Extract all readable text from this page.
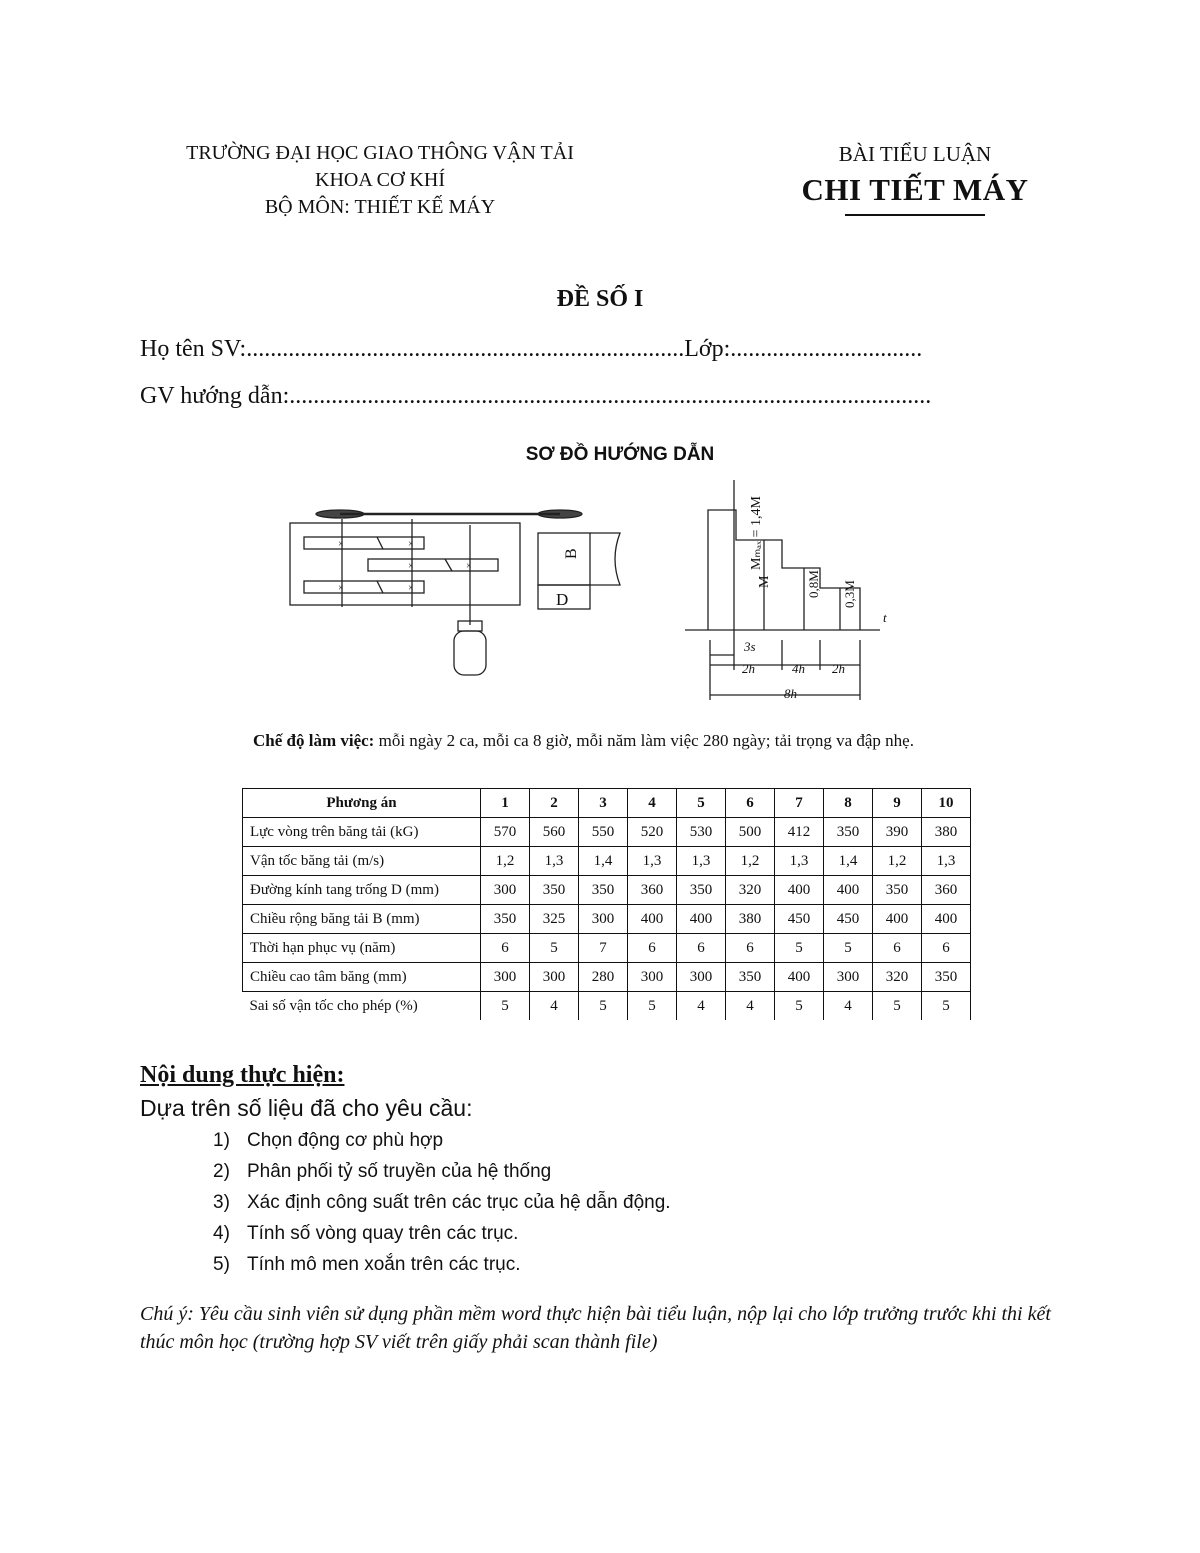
TRƯỜNG ĐẠI HỌC GIAO THÔNG VẬN TẢI
KHOA CƠ KHÍ
BỘ MÔN: THIẾT KẾ MÁY
BÀI TIỂU LUẬN
CHI TIẾT MÁY
ĐỀ SỐ I
Họ tên SV:.........................................................................Lớp:................................
GV hướng dẫn:...........................................................................................................
SƠ ĐỒ HƯỚNG DẪN
×	×
×	×
×	×
B
D
Mₘₐₓ = 1,4M
M	0,8M 0,3M
t
3s
2h	4h 2h
8h
Chế độ làm việc: mỗi ngày 2 ca, mỗi ca 8 giờ, mỗi năm làm việc 280 ngày; tải trọng va đập nhẹ.
Phương án	1	2	3	4	5	6	7	8	9	10
Lực vòng trên băng tải (kG)	570	560	550	520	530	500	412	350	390	380
Vận tốc băng tải (m/s)	1,2	1,3	1,4	1,3	1,3	1,2	1,3	1,4	1,2	1,3
Đường kính tang trống D (mm)	300	350	350	360	350	320	400	400	350	360
Chiều rộng băng tải B (mm)	350	325	300	400	400	380	450	450	400	400
Thời hạn phục vụ (năm)	6	5	7	6	6	6	5	5	6	6
Chiều cao tâm băng (mm)	300	300	280	300	300	350	400	300	320	350
Sai số vận tốc cho phép (%)	5	4	5	5	4	4	5	4	5	5
Nội dung thực hiện:
Dựa trên số liệu đã cho yêu cầu:
1) Chọn động cơ phù hợp
2) Phân phối tỷ số truyền của hệ thống
3) Xác định công suất trên các trục của hệ dẫn động.
4) Tính số vòng quay trên các trục.
5) Tính mô men xoắn trên các trục.
Chú ý: Yêu cầu sinh viên sử dụng phần mềm word thực hiện bài tiểu luận, nộp lại cho lớp trưởng trước khi thi kết thúc môn học (trường hợp SV viết trên giấy phải scan thành file)
